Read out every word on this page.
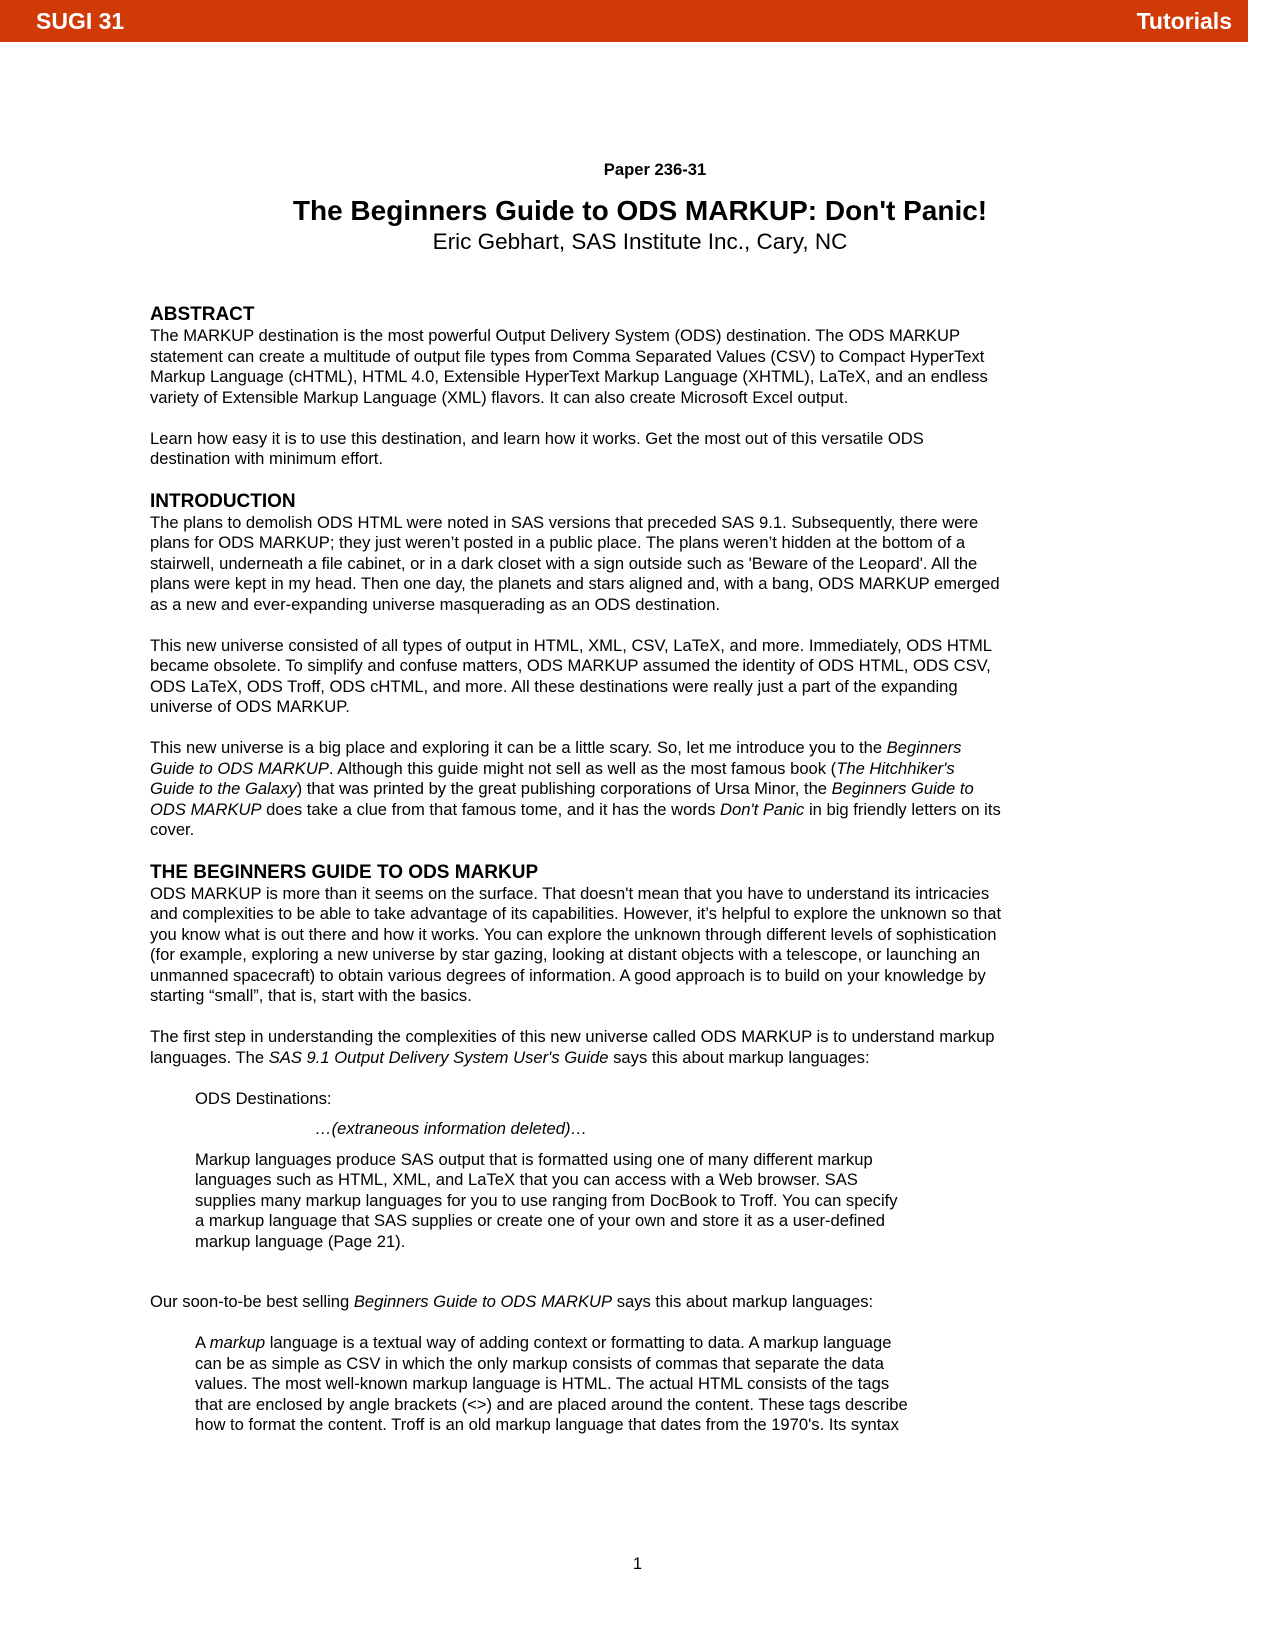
SUGI 31	Tutorials
Paper 236-31
The Beginners Guide to ODS MARKUP: Don't Panic!
Eric Gebhart, SAS Institute Inc., Cary, NC
ABSTRACT

The MARKUP destination is the most powerful Output Delivery System (ODS) destination. The ODS MARKUP
statement can create a multitude of output file types from Comma Separated Values (CSV) to Compact HyperText
Markup Language (cHTML), HTML 4.0, Extensible HyperText Markup Language (XHTML), LaTeX, and an endless
variety of Extensible Markup Language (XML) flavors. It can also create Microsoft Excel output.

Learn how easy it is to use this destination, and learn how it works. Get the most out of this versatile ODS
destination with minimum effort.

INTRODUCTION

The plans to demolish ODS HTML were noted in SAS versions that preceded SAS 9.1. Subsequently, there were
plans for ODS MARKUP; they just weren’t posted in a public place. The plans weren’t hidden at the bottom of a
stairwell, underneath a file cabinet, or in a dark closet with a sign outside such as 'Beware of the Leopard'. All the
plans were kept in my head. Then one day, the planets and stars aligned and, with a bang, ODS MARKUP emerged
as a new and ever-expanding universe masquerading as an ODS destination.

This new universe consisted of all types of output in HTML, XML, CSV, LaTeX, and more. Immediately, ODS HTML
became obsolete. To simplify and confuse matters, ODS MARKUP assumed the identity of ODS HTML, ODS CSV,
ODS LaTeX, ODS Troff, ODS cHTML, and more. All these destinations were really just a part of the expanding
universe of ODS MARKUP.

This new universe is a big place and exploring it can be a little scary. So, let me introduce you to the Beginners
Guide to ODS MARKUP. Although this guide might not sell as well as the most famous book (The Hitchhiker's
Guide to the Galaxy) that was printed by the great publishing corporations of Ursa Minor, the Beginners Guide to
ODS MARKUP does take a clue from that famous tome, and it has the words Don't Panic in big friendly letters on its
cover.

THE BEGINNERS GUIDE TO ODS MARKUP

ODS MARKUP is more than it seems on the surface. That doesn't mean that you have to understand its intricacies
and complexities to be able to take advantage of its capabilities. However, it’s helpful to explore the unknown so that
you know what is out there and how it works. You can explore the unknown through different levels of sophistication
(for example, exploring a new universe by star gazing, looking at distant objects with a telescope, or launching an
unmanned spacecraft) to obtain various degrees of information. A good approach is to build on your knowledge by
starting “small”, that is, start with the basics.

The first step in understanding the complexities of this new universe called ODS MARKUP is to understand markup
languages. The SAS 9.1 Output Delivery System User's Guide says this about markup languages:

ODS Destinations:

…(extraneous information deleted)…

Markup languages produce SAS output that is formatted using one of many different markup
languages such as HTML, XML, and LaTeX that you can access with a Web browser. SAS
supplies many markup languages for you to use ranging from DocBook to Troff. You can specify
a markup language that SAS supplies or create one of your own and store it as a user-defined
markup language (Page 21).

Our soon-to-be best selling Beginners Guide to ODS MARKUP says this about markup languages:

A markup language is a textual way of adding context or formatting to data. A markup language
can be as simple as CSV in which the only markup consists of commas that separate the data
values. The most well-known markup language is HTML. The actual HTML consists of the tags
that are enclosed by angle brackets (<>) and are placed around the content. These tags describe
how to format the content. Troff is an old markup language that dates from the 1970's. Its syntax

1
